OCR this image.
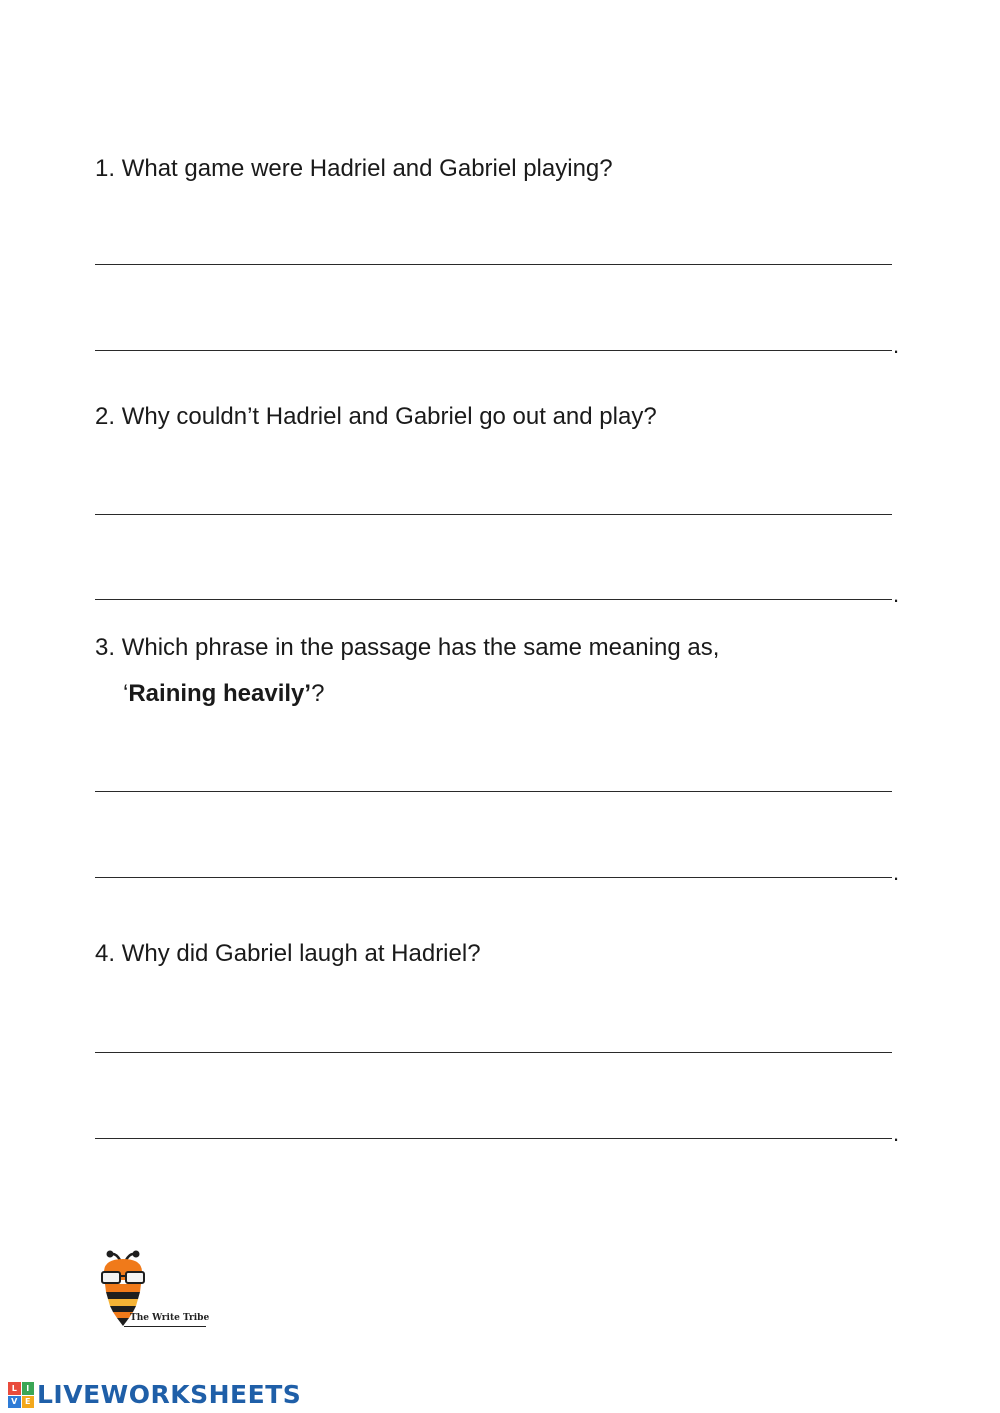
1. What game were Hadriel and Gabriel playing?
.
2. Why couldn’t Hadriel and Gabriel go out and play?
.
3. Which phrase in the passage has the same meaning as,
‘Raining heavily’?
.
4. Why did Gabriel laugh at Hadriel?
.
The Write Tribe
L	I
V E LIVEWORKSHEETS
